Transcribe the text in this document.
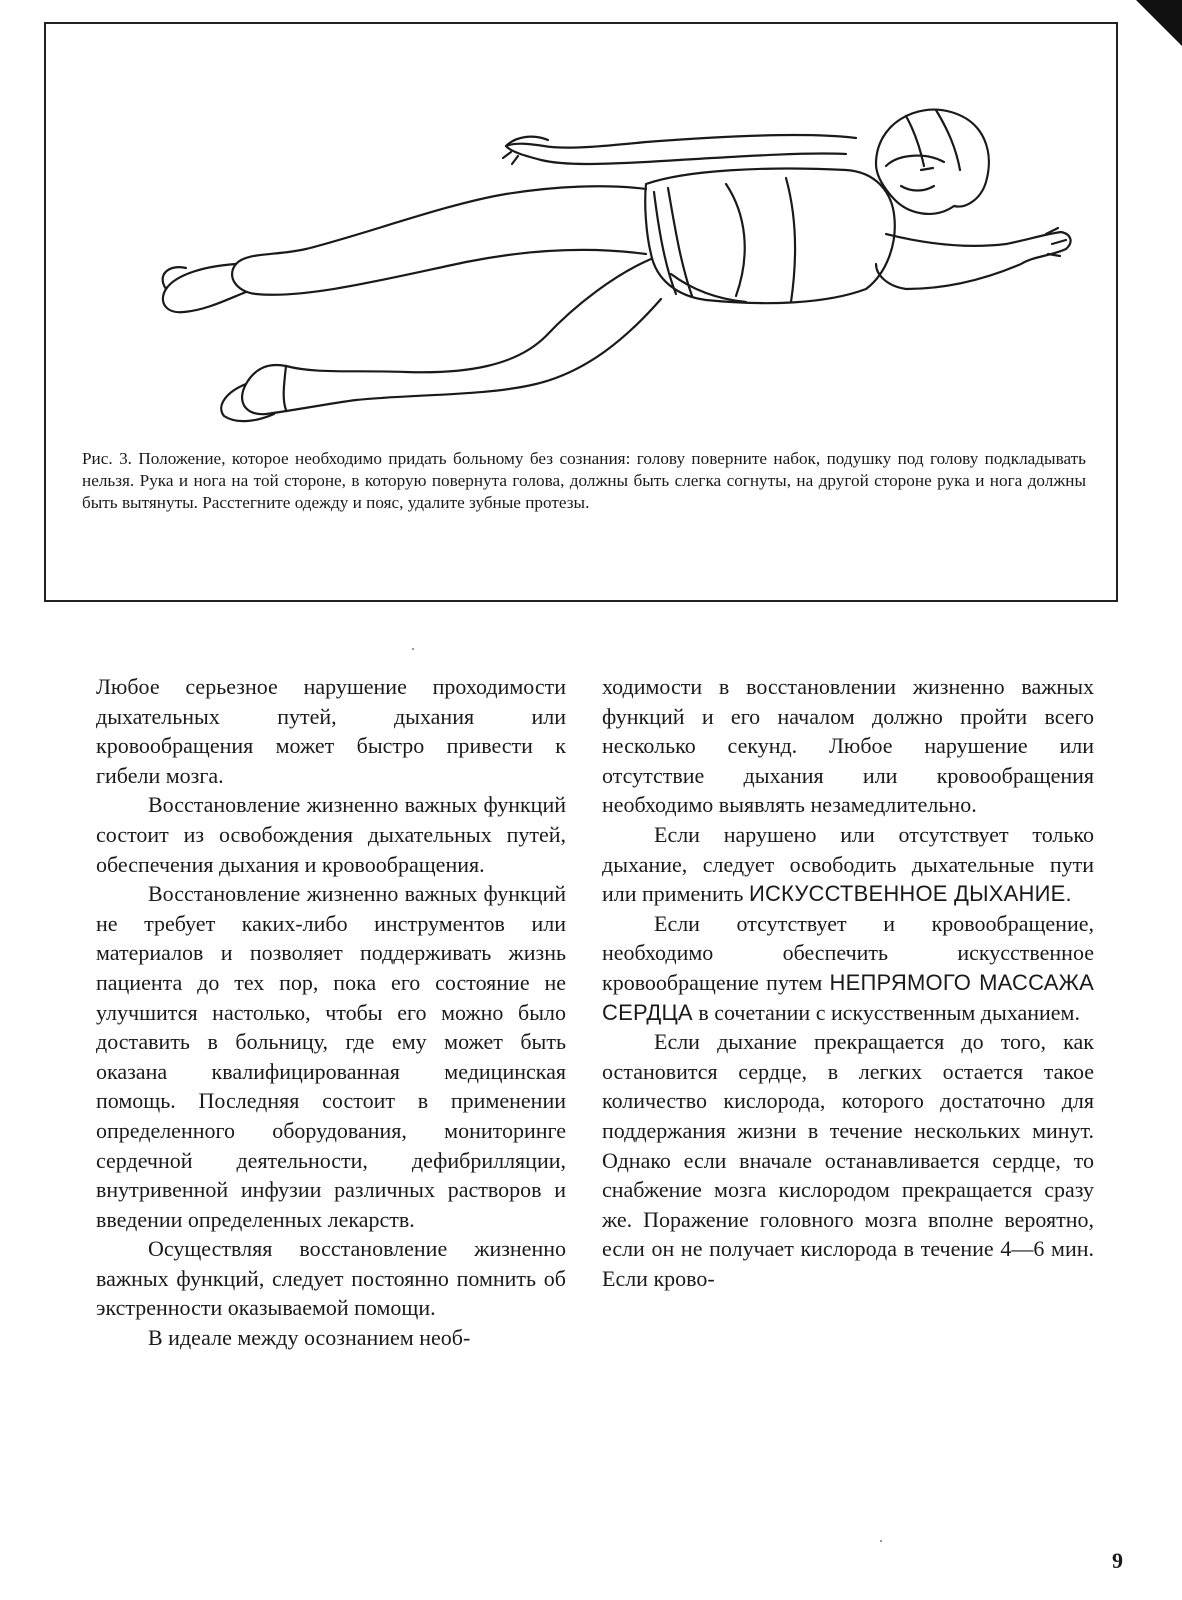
Рис. 3. Положение, которое необходимо придать больному без сознания: голову поверните набок, подушку под голову подкладывать нельзя. Рука и нога на той стороне, в которую повернута голова, должны быть слегка согнуты, на другой стороне рука и нога должны быть вытянуты. Расстегните одежду и пояс, удалите зубные протезы.

Любое серьезное нарушение проходимости дыхательных путей, дыхания или кровообращения может быстро привести к гибели мозга.

Восстановление жизненно важных функций состоит из освобождения дыхательных путей, обеспечения дыхания и кровообращения.

Восстановление жизненно важных функций не требует каких-либо инструментов или материалов и позволяет поддерживать жизнь пациента до тех пор, пока его состояние не улучшится настолько, чтобы его можно было доставить в больницу, где ему может быть оказана квалифицированная медицинская помощь. Последняя состоит в применении определенного оборудования, мониторинге сердечной деятельности, дефибрилляции, внутривенной инфузии различных растворов и введении определенных лекарств.

Осуществляя восстановление жизненно важных функций, следует постоянно помнить об экстренности оказываемой помощи.

В идеале между осознанием необ-

ходимости в восстановлении жизненно важных функций и его началом должно пройти всего несколько секунд. Любое нарушение или отсутствие дыхания или кровообращения необходимо выявлять незамедлительно.

Если нарушено или отсутствует только дыхание, следует освободить дыхательные пути или применить ИСКУССТВЕННОЕ ДЫХАНИЕ.

Если отсутствует и кровообращение, необходимо обеспечить искусственное кровообращение путем НЕПРЯМОГО МАССАЖА СЕРДЦА в сочетании с искусственным дыханием.

Если дыхание прекращается до того, как остановится сердце, в легких остается такое количество кислорода, которого достаточно для поддержания жизни в течение нескольких минут. Однако если вначале останавливается сердце, то снабжение мозга кислородом прекращается сразу же. Поражение головного мозга вполне вероятно, если он не получает кислорода в течение 4—6 мин. Если крово-

9
